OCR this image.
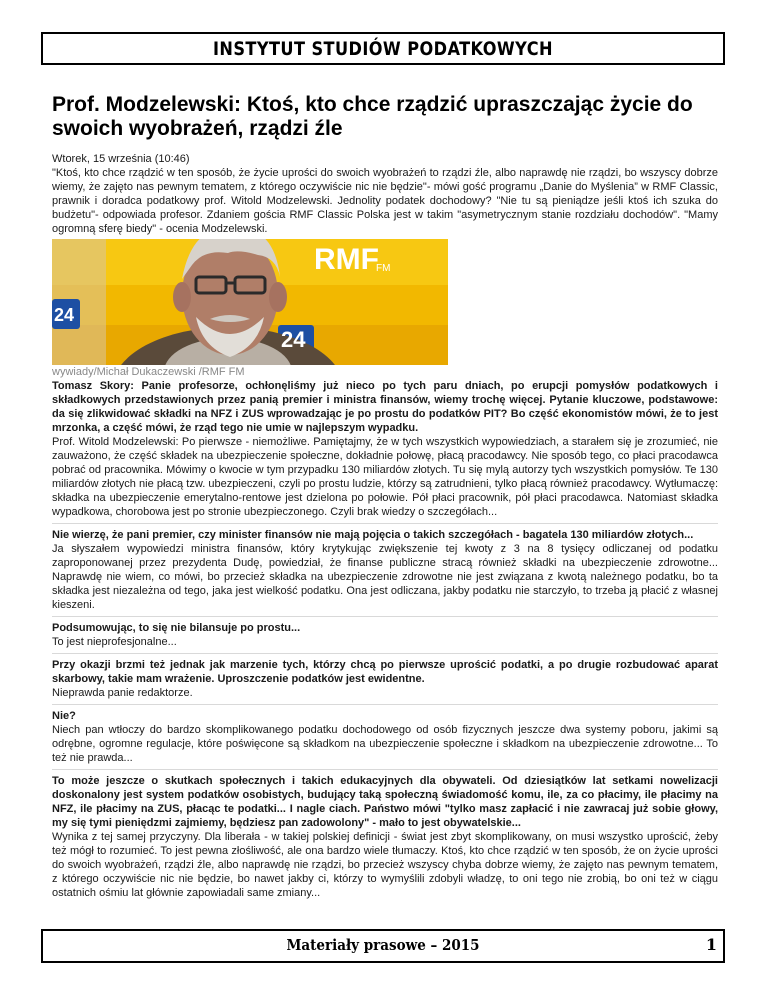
INSTYTUT STUDIÓW PODATKOWYCH
Prof. Modzelewski: Ktoś, kto chce rządzić upraszczając życie do swoich wyobrażeń, rządzi źle

Wtorek, 15 września (10:46)

"Ktoś, kto chce rządzić w ten sposób, że życie uprości do swoich wyobrażeń to rządzi źle, albo naprawdę nie rządzi, bo wszyscy dobrze wiemy, że zajęto nas pewnym tematem, z którego oczywiście nic nie będzie"- mówi gość programu „Danie do Myślenia” w RMF Classic, prawnik i doradca podatkowy prof. Witold Modzelewski. Jednolity podatek dochodowy? "Nie tu są pieniądze jeśli ktoś ich szuka do budżetu"- odpowiada profesor. Zdaniem gościa RMF Classic Polska jest w takim "asymetrycznym stanie rozdziału dochodów". "Mamy ogromną sferę biedy" - ocenia Modzelewski.

RMF
FM
24
24

wywiady/Michał Dukaczewski /RMF FM

Tomasz Skory: Panie profesorze, ochłonęliśmy już nieco po tych paru dniach, po erupcji pomysłów podatkowych i składkowych przedstawionych przez panią premier i ministra finansów, wiemy trochę więcej. Pytanie kluczowe, podstawowe: da się zlikwidować składki na NFZ i ZUS wprowadzając je po prostu do podatków PIT? Bo część ekonomistów mówi, że to jest mrzonka, a część mówi, że rząd tego nie umie w najlepszym wypadku.

Prof. Witold Modzelewski: Po pierwsze - niemożliwe. Pamiętajmy, że w tych wszystkich wypowiedziach, a starałem się je zrozumieć, nie zauważono, że część składek na ubezpieczenie społeczne, dokładnie połowę, płacą pracodawcy. Nie sposób tego, co płaci pracodawca pobrać od pracownika. Mówimy o kwocie w tym przypadku 130 miliardów złotych. Tu się mylą autorzy tych wszystkich pomysłów. Te 130 miliardów złotych nie płacą tzw. ubezpieczeni, czyli po prostu ludzie, którzy są zatrudnieni, tylko płacą również pracodawcy. Wytłumaczę: składka na ubezpieczenie emerytalno-rentowe jest dzielona po połowie. Pół płaci pracownik, pół płaci pracodawca. Natomiast składka wypadkowa, chorobowa jest po stronie ubezpieczonego. Czyli brak wiedzy o szczegółach...

Nie wierzę, że pani premier, czy minister finansów nie mają pojęcia o takich szczegółach - bagatela 130 miliardów złotych...

Ja słyszałem wypowiedzi ministra finansów, który krytykując zwiększenie tej kwoty z 3 na 8 tysięcy odliczanej od podatku zaproponowanej przez prezydenta Dudę, powiedział, że finanse publiczne stracą również składki na ubezpieczenie zdrowotne... Naprawdę nie wiem, co mówi, bo przecież składka na ubezpieczenie zdrowotne nie jest związana z kwotą należnego podatku, bo ta składka jest niezależna od tego, jaka jest wielkość podatku. Ona jest odliczana, jakby podatku nie starczyło, to trzeba ją płacić z własnej kieszeni.

Podsumowując, to się nie bilansuje po prostu...

To jest nieprofesjonalne...

Przy okazji brzmi też jednak jak marzenie tych, którzy chcą po pierwsze uprościć podatki, a po drugie rozbudować aparat skarbowy, takie mam wrażenie. Uproszczenie podatków jest ewidentne.

Nieprawda panie redaktorze.

Nie?

Niech pan wtłoczy do bardzo skomplikowanego podatku dochodowego od osób fizycznych jeszcze dwa systemy poboru, jakimi są odrębne, ogromne regulacje, które poświęcone są składkom na ubezpieczenie społeczne i składkom na ubezpieczenie zdrowotne... To też nie prawda...

To może jeszcze o skutkach społecznych i takich edukacyjnych dla obywateli. Od dziesiątków lat setkami nowelizacji doskonalony jest system podatków osobistych, budujący taką społeczną świadomość komu, ile, za co płacimy, ile płacimy na NFZ, ile płacimy na ZUS, płacąc te podatki... I nagle ciach. Państwo mówi "tylko masz zapłacić i nie zawracaj już sobie głowy, my się tymi pieniędzmi zajmiemy, będziesz pan zadowolony" - mało to jest obywatelskie...

Wynika z tej samej przyczyny. Dla liberała - w takiej polskiej definicji - świat jest zbyt skomplikowany, on musi wszystko uprościć, żeby też mógł to rozumieć. To jest pewna złośliwość, ale ona bardzo wiele tłumaczy. Ktoś, kto chce rządzić w ten sposób, że on życie uprości do swoich wyobrażeń, rządzi źle, albo naprawdę nie rządzi, bo przecież wszyscy chyba dobrze wiemy, że zajęto nas pewnym tematem, z którego oczywiście nic nie będzie, bo nawet jakby ci, którzy to wymyślili zdobyli władzę, to oni tego nie zrobią, bo oni też w ciągu ostatnich ośmiu lat głównie zapowiadali same zmiany...

Materiały prasowe – 2015	1
